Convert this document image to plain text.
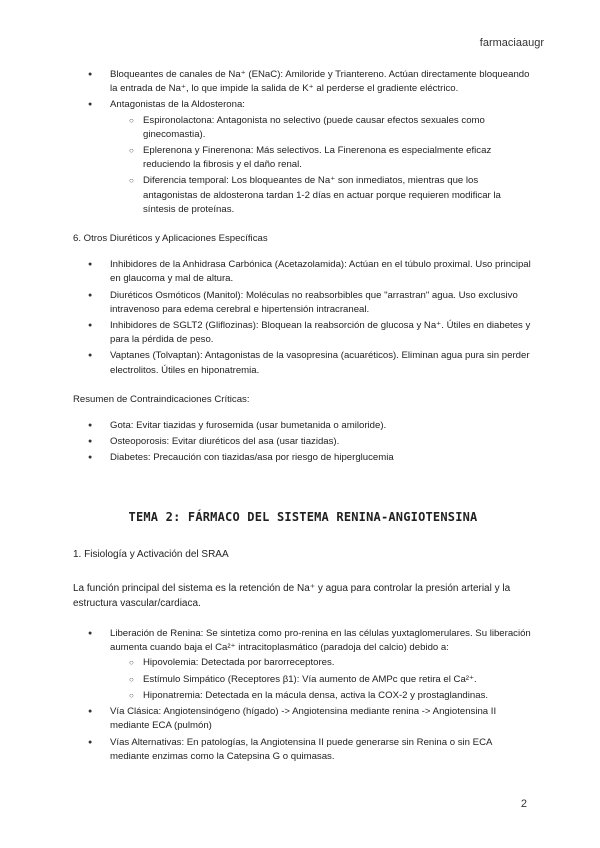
farmaciaaugr
● Bloqueantes de canales de Na⁺ (ENaC): Amiloride y Triantereno. Actúan directamente bloqueando la entrada de Na⁺, lo que impide la salida de K⁺ al perderse el gradiente eléctrico.
● Antagonistas de la Aldosterona:
○ Espironolactona: Antagonista no selectivo (puede causar efectos sexuales como ginecomastia).
○ Eplerenona y Finerenona: Más selectivos. La Finerenona es especialmente eficaz reduciendo la fibrosis y el daño renal.
○ Diferencia temporal: Los bloqueantes de Na⁺ son inmediatos, mientras que los antagonistas de aldosterona tardan 1-2 días en actuar porque requieren modificar la síntesis de proteínas.
6. Otros Diuréticos y Aplicaciones Específicas
● Inhibidores de la Anhidrasa Carbónica (Acetazolamida): Actúan en el túbulo proximal. Uso principal en glaucoma y mal de altura.
● Diuréticos Osmóticos (Manitol): Moléculas no reabsorbibles que "arrastran" agua. Uso exclusivo intravenoso para edema cerebral e hipertensión intracraneal.
● Inhibidores de SGLT2 (Gliflozinas): Bloquean la reabsorción de glucosa y Na⁺. Útiles en diabetes y para la pérdida de peso.
● Vaptanes (Tolvaptan): Antagonistas de la vasopresina (acuaréticos). Eliminan agua pura sin perder electrolitos. Útiles en hiponatremia.
Resumen de Contraindicaciones Críticas:
● Gota: Evitar tiazidas y furosemida (usar bumetanida o amiloride).
● Osteoporosis: Evitar diuréticos del asa (usar tiazidas).
● Diabetes: Precaución con tiazidas/asa por riesgo de hiperglucemia
TEMA 2: FÁRMACO DEL SISTEMA RENINA-ANGIOTENSINA
1. Fisiología y Activación del SRAA
La función principal del sistema es la retención de Na⁺ y agua para controlar la presión arterial y la estructura vascular/cardiaca.
● Liberación de Renina: Se sintetiza como pro-renina en las células yuxtaglomerulares. Su liberación aumenta cuando baja el Ca²⁺ intracitoplasmático (paradoja del calcio) debido a:
○ Hipovolemia: Detectada por barorreceptores.
○ Estímulo Simpático (Receptores β1): Vía aumento de AMPc que retira el Ca²⁺.
○ Hiponatremia: Detectada en la mácula densa, activa la COX-2 y prostaglandinas.
● Vía Clásica: Angiotensinógeno (hígado) -> Angiotensina mediante renina -> Angiotensina II mediante ECA (pulmón)
● Vías Alternativas: En patologías, la Angiotensina II puede generarse sin Renina o sin ECA mediante enzimas como la Catepsina G o quimasas.
2
